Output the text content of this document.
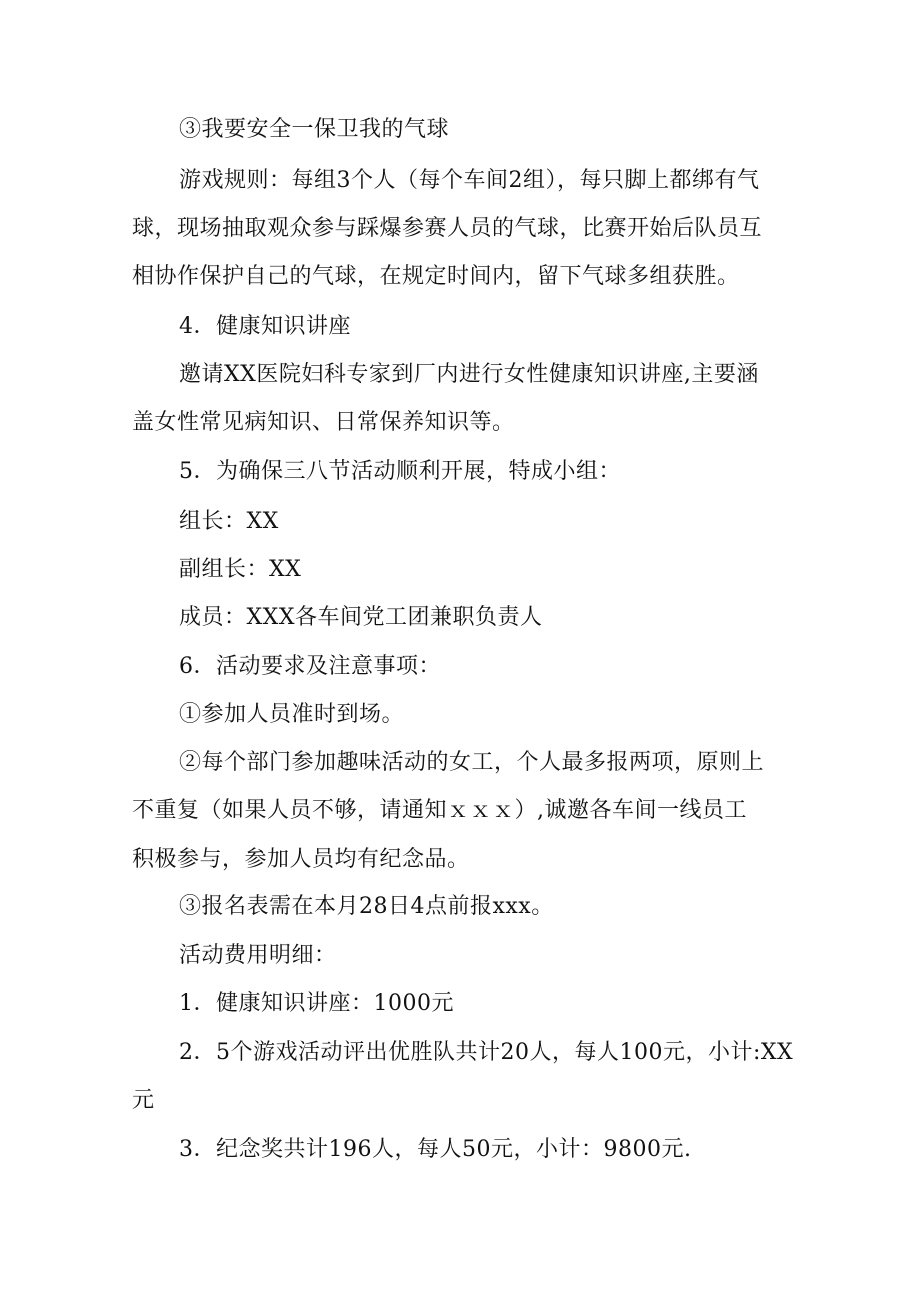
③我要安全一保卫我的气球
游戏规则：每组3个人（每个车间2组），每只脚上都绑有气
球，现场抽取观众参与踩爆参赛人员的气球，比赛开始后队员互
相协作保护自己的气球，在规定时间内，留下气球多组获胜。
4．健康知识讲座
邀请XX医院妇科专家到厂内进行女性健康知识讲座,主要涵
盖女性常见病知识、日常保养知识等。
5．为确保三八节活动顺利开展，特成小组：
组长：XX
副组长：XX
成员：XXX各车间党工团兼职负责人
6．活动要求及注意事项：
①参加人员准时到场。
②每个部门参加趣味活动的女工，个人最多报两项，原则上
不重复（如果人员不够，请通知ｘｘｘ）,诚邀各车间一线员工
积极参与，参加人员均有纪念品。
③报名表需在本月28日4点前报xxx。
活动费用明细：
1．健康知识讲座：1000元
2．5个游戏活动评出优胜队共计20人，每人100元，小计:XX
元
3．纪念奖共计196人，每人50元，小计：9800元.
